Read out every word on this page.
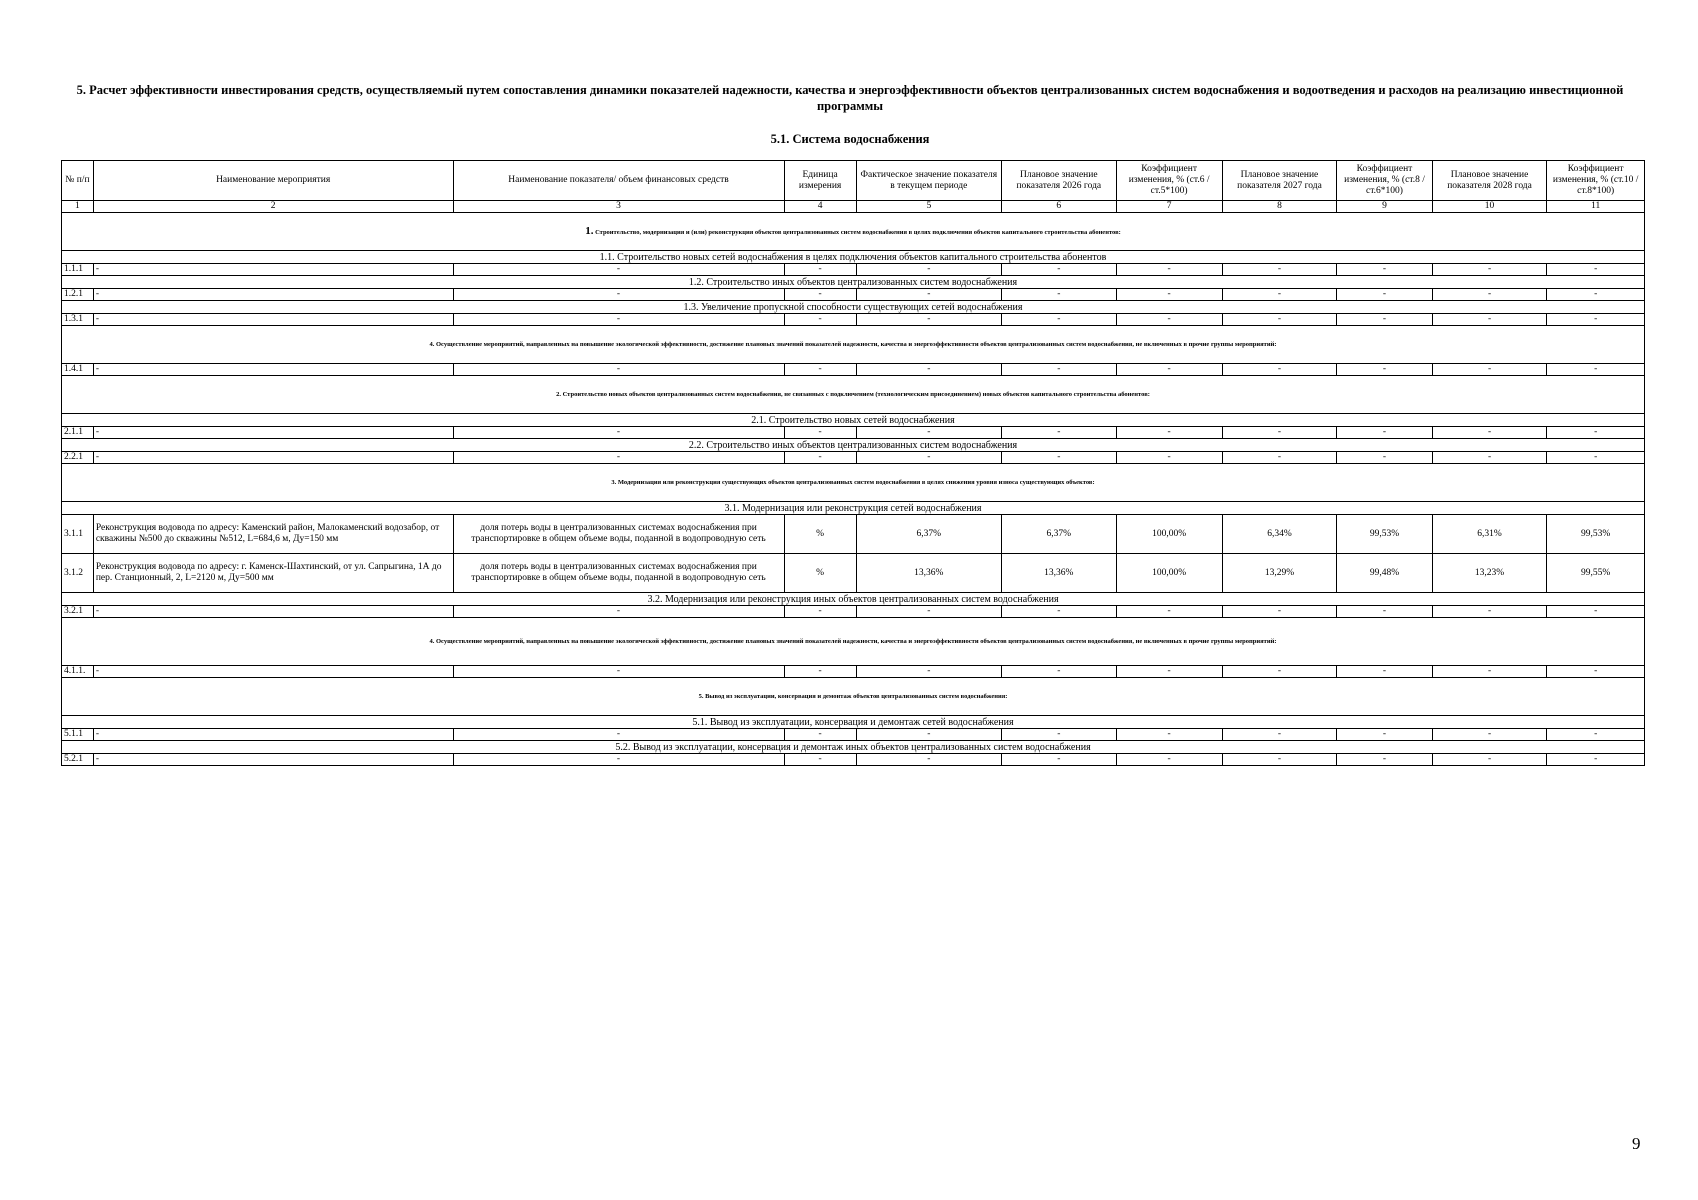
5. Расчет эффективности инвестирования средств, осуществляемый путем сопоставления динамики показателей надежности, качества и энергоэффективности объектов централизованных систем водоснабжения и водоотведения и расходов на реализацию инвестиционной программы
5.1. Система водоснабжения
№ п/п	Наименование мероприятия	Наименование показателя/ объем финансовых средств	Единица измерения	Фактическое значение показателя в текущем периоде	Плановое значение показателя 2026 года	Коэффициент изменения, % (ст.6 /ст.5*100)	Плановое значение показателя 2027 года	Коэффициент изменения, % (ст.8 /ст.6*100)	Плановое значение показателя 2028 года	Коэффициент изменения, % (ст.10 /ст.8*100)
1	2	3	4	5	6	7	8	9	10	11
1. Строительство, модернизация и (или) реконструкция объектов централизованных систем водоснабжения в целях подключения объектов капитального строительства абонентов:										
1.1. Строительство новых сетей водоснабжения в целях подключения объектов капитального строительства абонентов										
1.1.1	-	-	-	-	-	-	-	-	-	-
1.2. Строительство иных объектов централизованных систем водоснабжения										
1.2.1	-	-	-	-	-	-	-	-	-	-
1.3. Увеличение пропускной способности существующих сетей водоснабжения										
1.3.1	-	-	-	-	-	-	-	-	-	-
4. Осуществление мероприятий, направленных на повышение экологической эффективности, достижение плановых значений показателей надежности, качества и энергоэффективности объектов централизованных систем водоснабжения, не включенных в прочие группы мероприятий:										
1.4.1	-	-	-	-	-	-	-	-	-	-
2. Строительство новых объектов централизованных систем водоснабжения, не связанных с подключением (технологическим присоединением) новых объектов капитального строительства абонентов:										
2.1. Строительство новых сетей водоснабжения										
2.1.1	-	-	-	-	-	-	-	-	-	-
2.2. Строительство иных объектов централизованных систем водоснабжения										
2.2.1	-	-	-	-	-	-	-	-	-	-
3. Модернизация или реконструкция существующих объектов централизованных систем водоснабжения в целях снижения уровня износа существующих объектов:										
3.1. Модернизация или реконструкция сетей водоснабжения										
3.1.1	Реконструкция водовода по адресу: Каменский район, Малокаменский водозабор, от скважины №500 до скважины №512, L=684,6 м, Ду=150 мм	доля потерь воды в централизованных системах водоснабжения при транспортировке в общем объеме воды, поданной в водопроводную сеть	%	6,37%	6,37%	100,00%	6,34%	99,53%	6,31%	99,53%
3.1.2	Реконструкция водовода по адресу: г. Каменск-Шахтинский, от ул. Сапрыгина, 1А до пер. Станционный, 2, L=2120 м, Ду=500 мм	доля потерь воды в централизованных системах водоснабжения при транспортировке в общем объеме воды, поданной в водопроводную сеть	%	13,36%	13,36%	100,00%	13,29%	99,48%	13,23%	99,55%
3.2. Модернизация или реконструкция иных объектов централизованных систем водоснабжения										
3.2.1	-	-	-	-	-	-	-	-	-	-
4. Осуществление мероприятий, направленных на повышение экологической эффективности, достижение плановых значений показателей надежности, качества и энергоэффективности объектов централизованных систем водоснабжения, не включенных в прочие группы мероприятий:										
4.1.1.	-	-	-	-	-	-	-	-	-	-
5. Вывод из эксплуатации, консервация и демонтаж объектов централизованных систем водоснабжения:										
5.1. Вывод из эксплуатации, консервация и демонтаж сетей водоснабжения										
5.1.1	-	-	-	-	-	-	-	-	-	-
5.2. Вывод из эксплуатации, консервация и демонтаж иных объектов централизованных систем водоснабжения										
5.2.1	-	-	-	-	-	-	-	-	-	-
9
